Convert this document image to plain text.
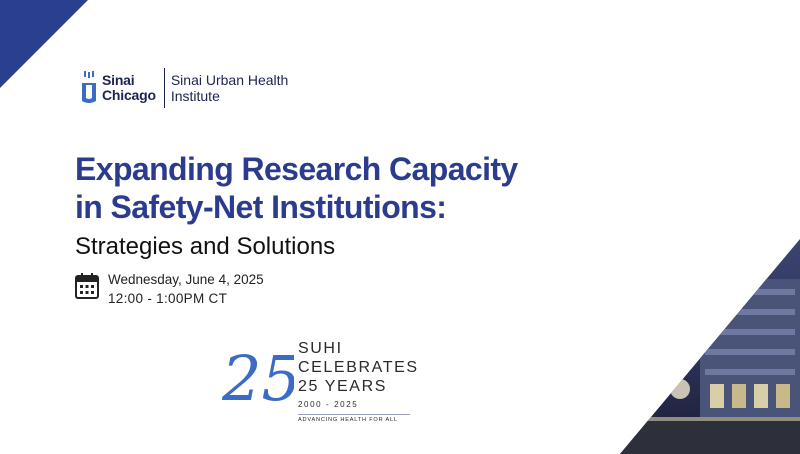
Sinai
Chicago
Sinai Urban Health
Institute
Expanding Research Capacity
in Safety-Net Institutions:
Strategies and Solutions
Wednesday, June 4, 2025
12:00 - 1:00PM CT
25
SUHI
CELEBRATES
25 YEARS
2000 - 2025
ADVANCING HEALTH FOR ALL
